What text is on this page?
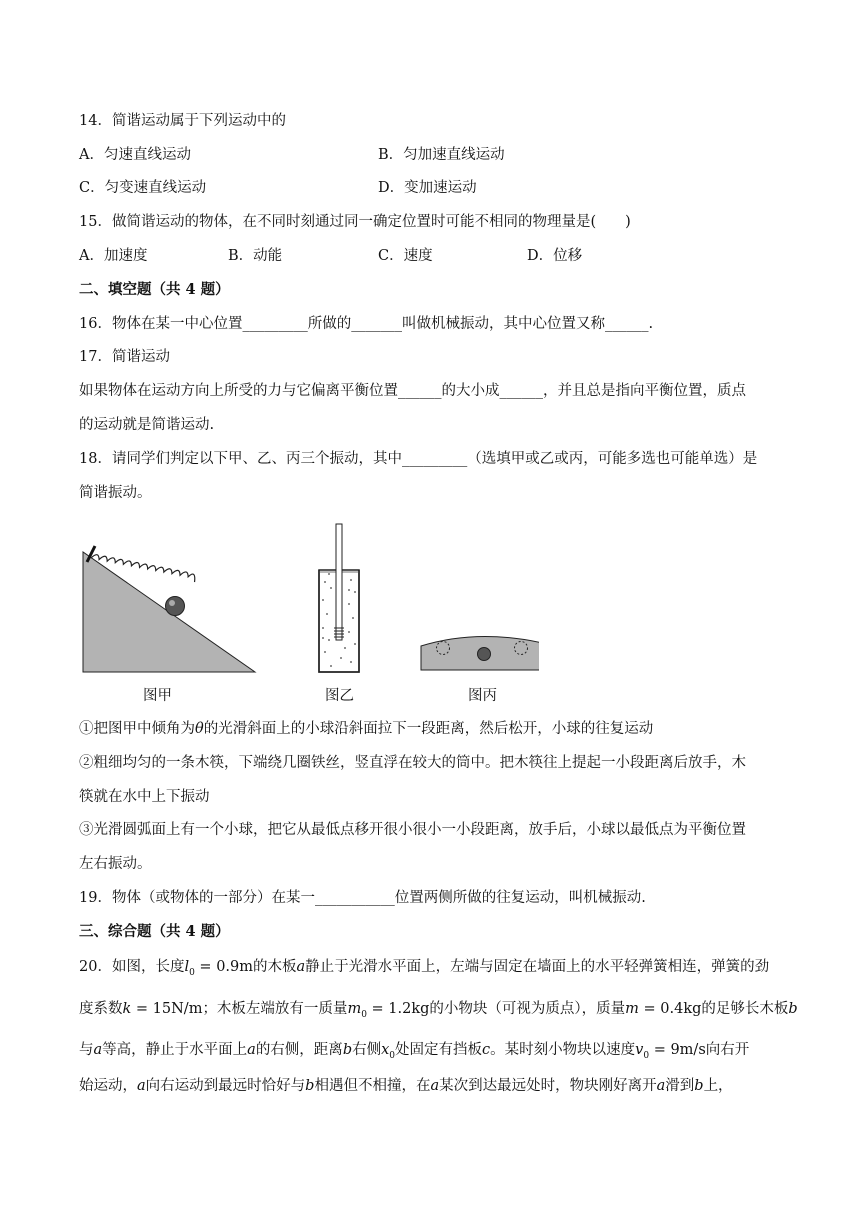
14．简谐运动属于下列运动中的
A．匀速直线运动	B．匀加速直线运动
C．匀变速直线运动	D．变加速运动
15．做简谐运动的物体，在不同时刻通过同一确定位置时可能不相同的物理量是(　　)
A．加速度	B．动能	C．速度	D．位移
二、填空题（共 4 题）
16．物体在某一中心位置_________所做的_______叫做机械振动，其中心位置又称______.
17．简谐运动
如果物体在运动方向上所受的力与它偏离平衡位置______的大小成______，并且总是指向平衡位置，质点
的运动就是简谐运动.
18．请同学们判定以下甲、乙、丙三个振动，其中_________（选填甲或乙或丙，可能多选也可能单选）是
简谐振动。
图甲	图乙	图丙
①把图甲中倾角为θ的光滑斜面上的小球沿斜面拉下一段距离，然后松开，小球的往复运动
②粗细均匀的一条木筷，下端绕几圈铁丝，竖直浮在较大的筒中。把木筷往上提起一小段距离后放手，木
筷就在水中上下振动
③光滑圆弧面上有一个小球，把它从最低点移开很小很小一小段距离，放手后，小球以最低点为平衡位置
左右振动。
19．物体（或物体的一部分）在某一___________位置两侧所做的往复运动，叫机械振动.
三、综合题（共 4 题）
20．如图，长度$l_0 = 0.9m$的木板a静止于光滑水平面上，左端与固定在墙面上的水平轻弹簧相连，弹簧的劲
度系数k = 15N/m；木板左端放有一质量$m_0 = 1.2kg$的小物块（可视为质点），质量m = 0.4kg的足够长木板b
与a等高，静止于水平面上a的右侧，距离b右侧$x_0$处固定有挡板c。某时刻小物块以速度$v_0 = 9m/s$向右开
始运动，a向右运动到最远时恰好与b相遇但不相撞，在a某次到达最远处时，物块刚好离开a滑到b上，
